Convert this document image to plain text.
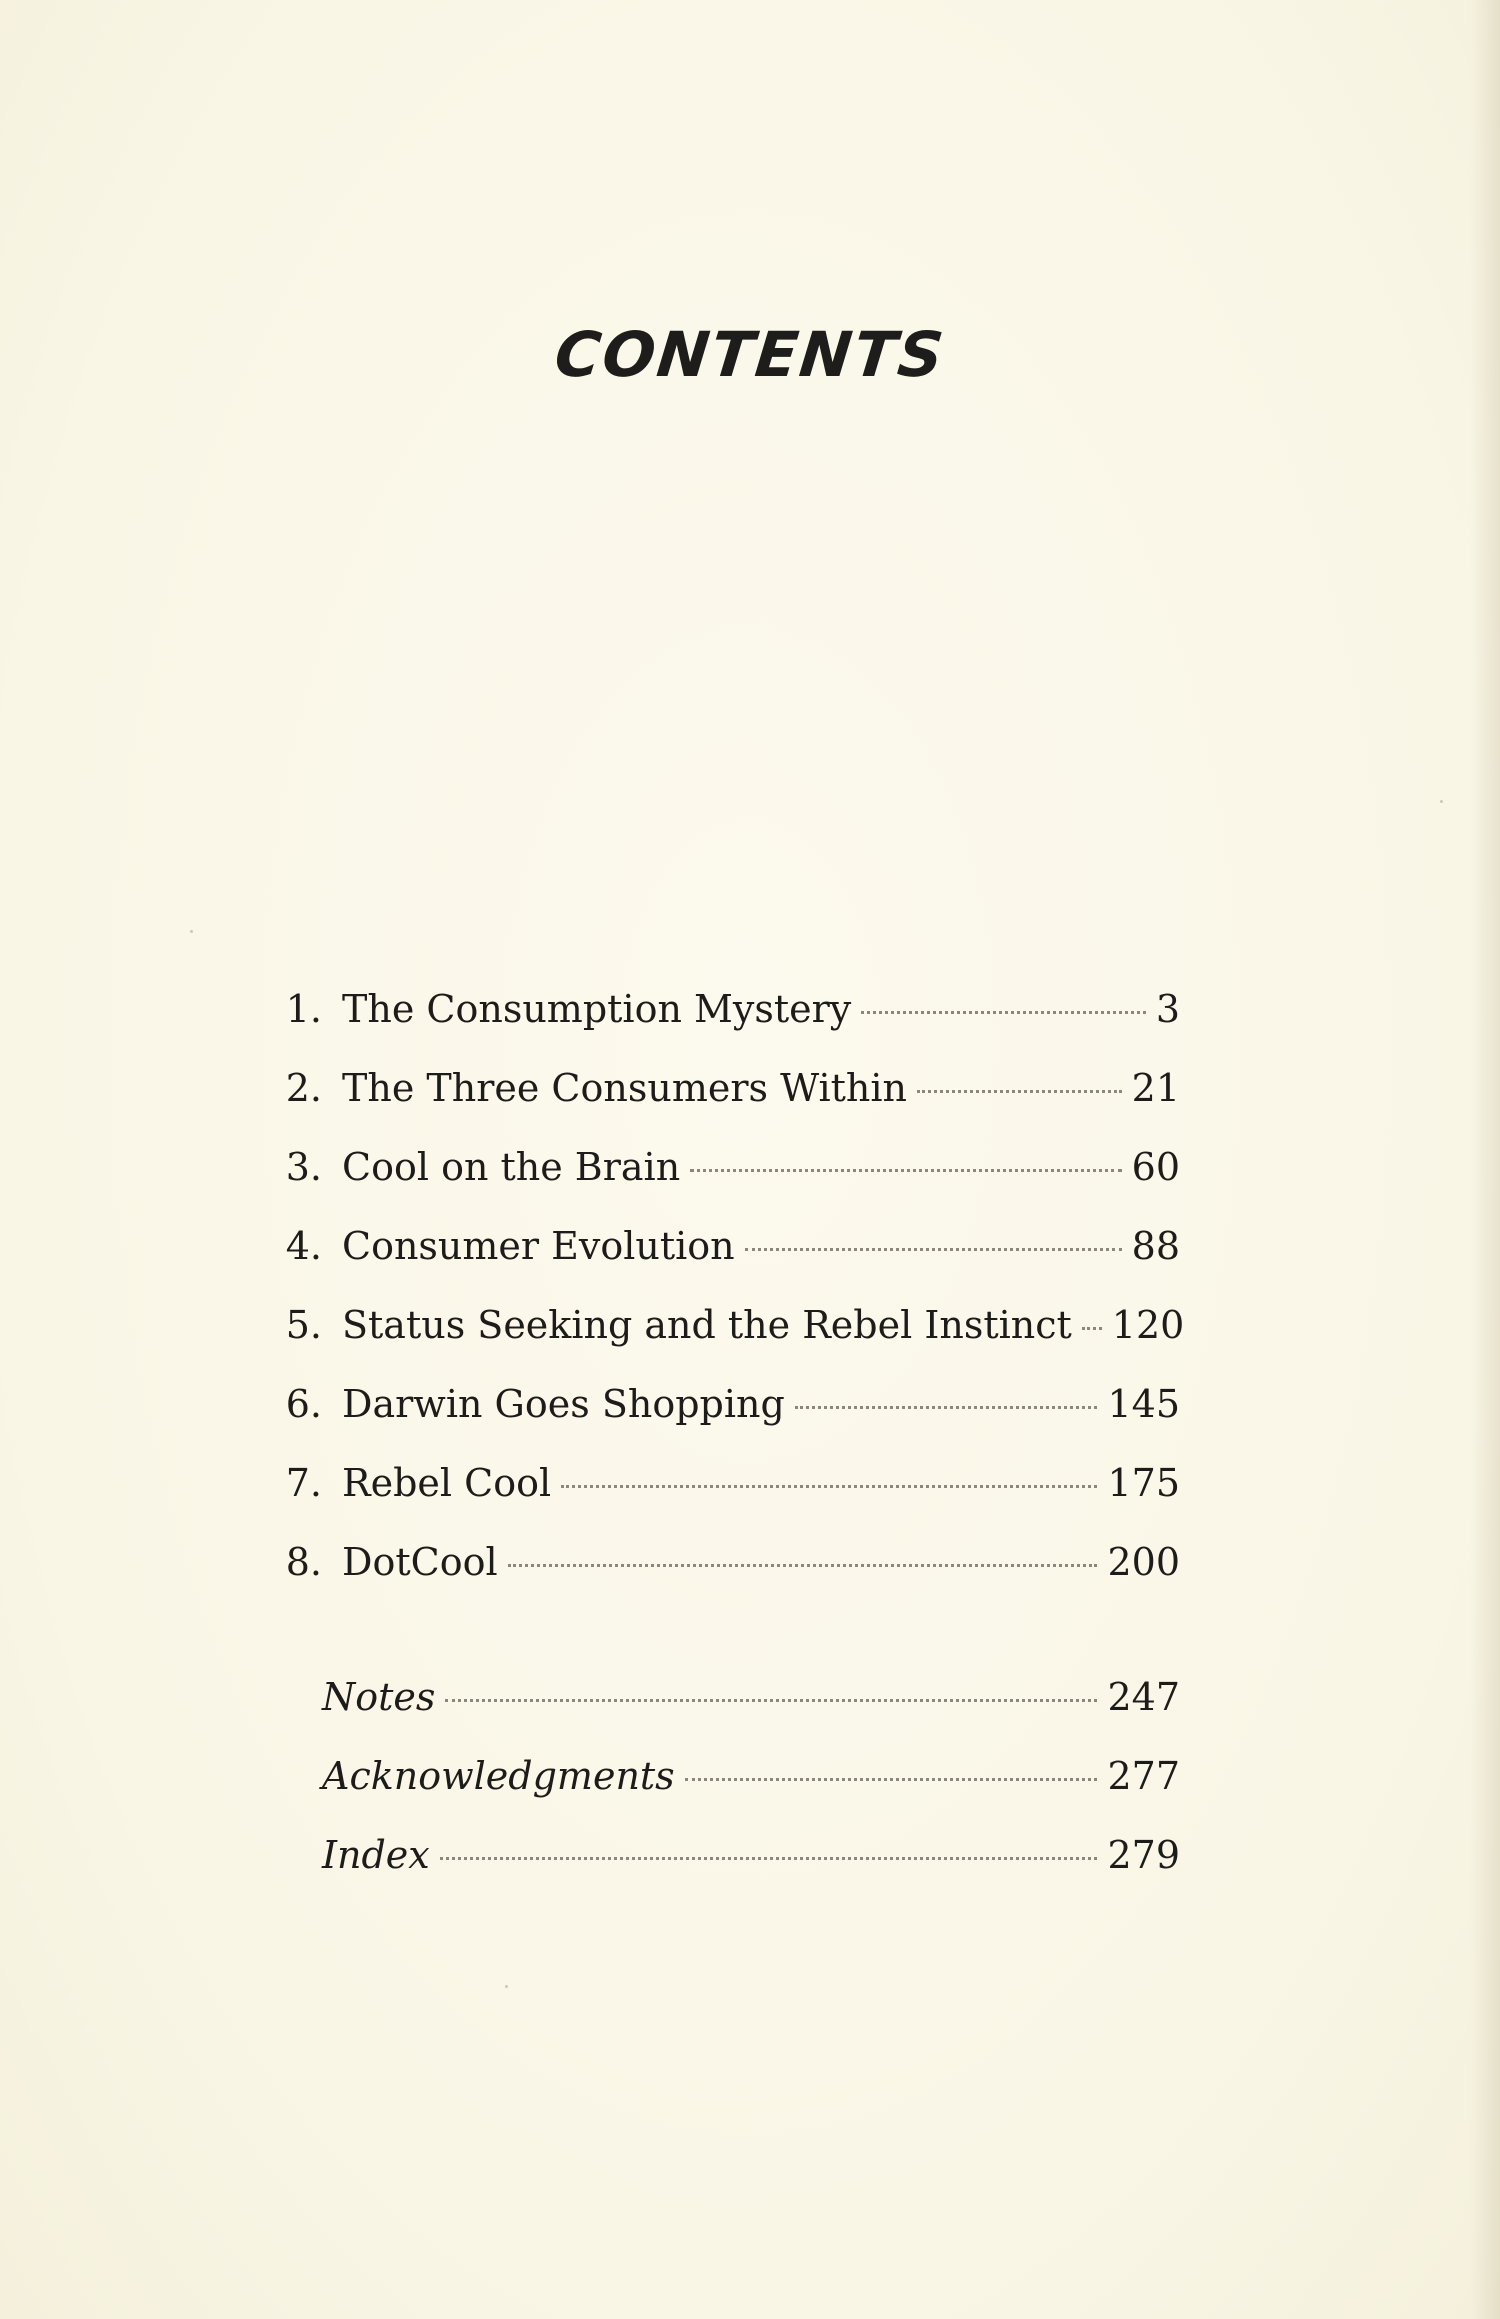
CONTENTS
1. The Consumption Mystery	3
2. The Three Consumers Within	21
3. Cool on the Brain	60
4. Consumer Evolution	88
5. Status Seeking and the Rebel Instinct 120
6. Darwin Goes Shopping	145
7. Rebel Cool	175
8. DotCool	200
Notes	247
Acknowledgments	277
Index	279
